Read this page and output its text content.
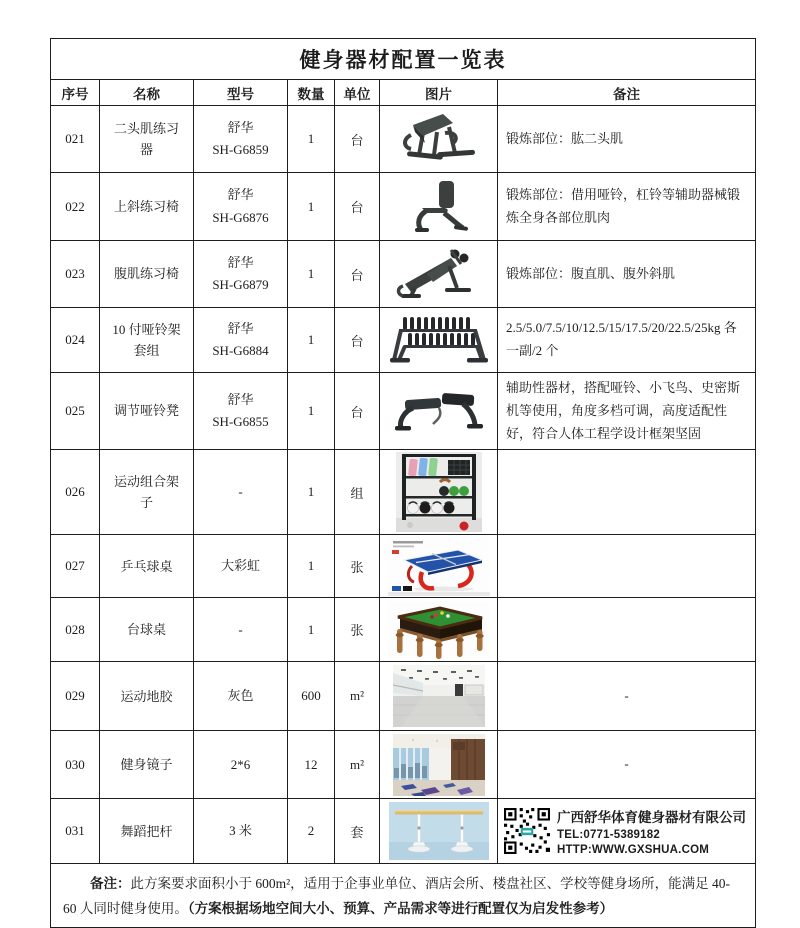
健身器材配置一览表						
序号	名称	型号	数量	单位	图片	备注
021	二头肌练习器	舒华
SH-G6859	1	台		锻炼部位：肱二头肌
022	上斜练习椅	舒华
SH-G6876	1	台		锻炼部位：借用哑铃，杠铃等辅助器械锻炼全身各部位肌肉
023	腹肌练习椅	舒华
SH-G6879	1	台		锻炼部位：腹直肌、腹外斜肌
024	10 付哑铃架套组	舒华
SH-G6884	1	台		2.5/5.0/7.5/10/12.5/15/17.5/20/22.5/25kg 各一副/2 个
025	调节哑铃凳	舒华
SH-G6855	1	台		辅助性器材，搭配哑铃、小飞鸟、史密斯机等使用，角度多档可调，高度适配性好，符合人体工程学设计框架坚固
026	运动组合架子	-	1	组	

027	乒乓球桌	大彩虹	1	张	

028	台球桌	-	1	张	

029	运动地胶	灰色	600	m²		-
030	健身镜子	2*6	12	m²		-
031	舞蹈把杆	3 米	2	套		广西舒华体育健身器材有限公司
TEL:0771-5389182
HTTP:WWW.GXSHUA.COM

备注：此方案要求面积小于 600m²，适用于企事业单位、酒店会所、楼盘社区、学校等健身场所，能满足 40-60 人同时健身使用。（方案根据场地空间大小、预算、产品需求等进行配置仅为启发性参考）						
